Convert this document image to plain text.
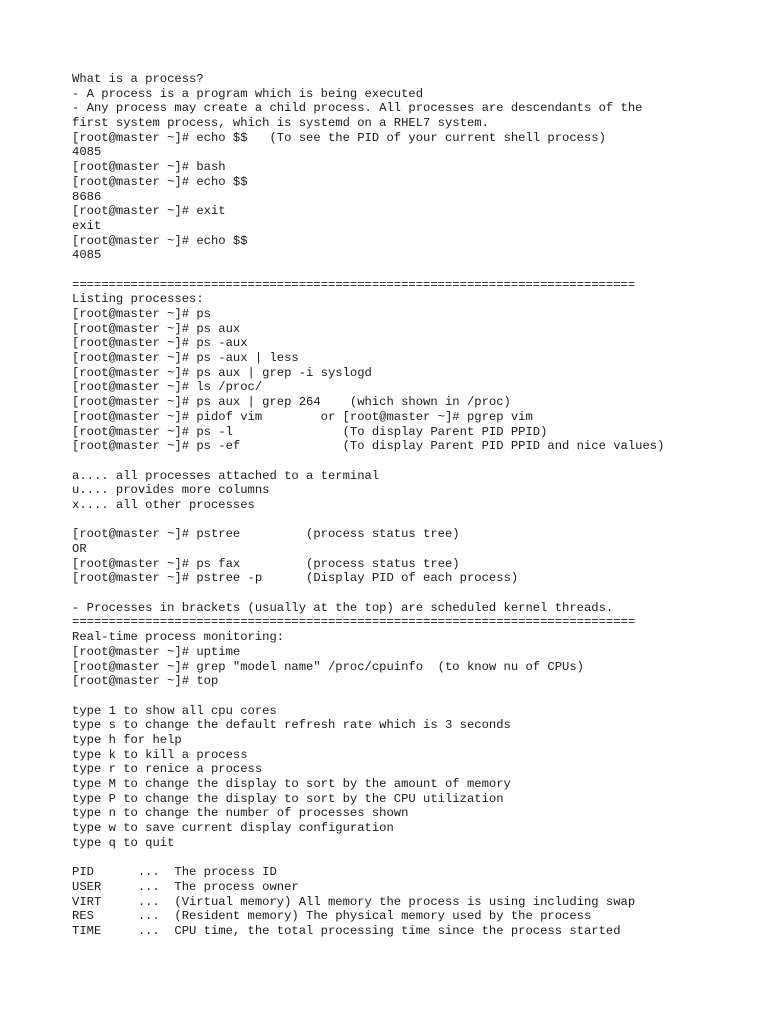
What is a process?
- A process is a program which is being executed
- Any process may create a child process. All processes are descendants of the
first system process, which is systemd on a RHEL7 system.
[root@master ~]# echo $$   (To see the PID of your current shell process)
4085
[root@master ~]# bash
[root@master ~]# echo $$
8686
[root@master ~]# exit
exit
[root@master ~]# echo $$
4085
=============================================================================
Listing processes:
[root@master ~]# ps
[root@master ~]# ps aux
[root@master ~]# ps -aux
[root@master ~]# ps -aux | less
[root@master ~]# ps aux | grep -i syslogd
[root@master ~]# ls /proc/
[root@master ~]# ps aux | grep 264    (which shown in /proc)
[root@master ~]# pidof vim        or [root@master ~]# pgrep vim
[root@master ~]# ps -l               (To display Parent PID PPID)
[root@master ~]# ps -ef              (To display Parent PID PPID and nice values)
a.... all processes attached to a terminal
u.... provides more columns
x.... all other processes
[root@master ~]# pstree         (process status tree)
OR
[root@master ~]# ps fax         (process status tree)
[root@master ~]# pstree -p      (Display PID of each process)
- Processes in brackets (usually at the top) are scheduled kernel threads.
=============================================================================
Real-time process monitoring:
[root@master ~]# uptime
[root@master ~]# grep "model name" /proc/cpuinfo  (to know nu of CPUs)
[root@master ~]# top
type 1 to show all cpu cores
type s to change the default refresh rate which is 3 seconds
type h for help
type k to kill a process
type r to renice a process
type M to change the display to sort by the amount of memory
type P to change the display to sort by the CPU utilization
type n to change the number of processes shown
type w to save current display configuration
type q to quit
PID      ...  The process ID
USER     ...  The process owner
VIRT     ...  (Virtual memory) All memory the process is using including swap
RES      ...  (Resident memory) The physical memory used by the process
TIME     ...  CPU time, the total processing time since the process started
